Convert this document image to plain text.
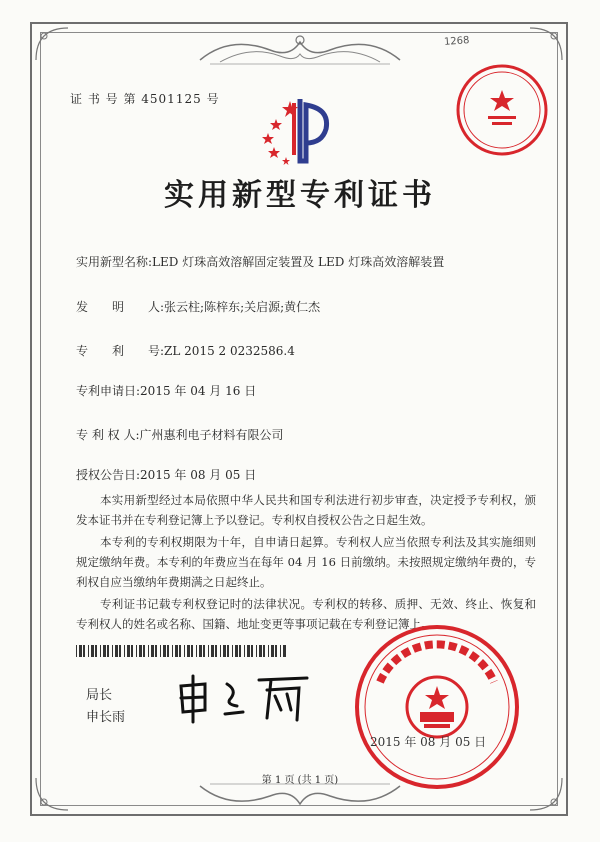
1268
证 书 号 第 4501125 号
实用新型专利证书
实用新型名称:LED 灯珠高效溶解固定装置及 LED 灯珠高效溶解装置
发　　明　　人:张云柱;陈梓东;关启源;黄仁杰
专　　利　　号:ZL 2015 2 0232586.4
专利申请日:2015 年 04 月 16 日
专 利 权 人:广州惠利电子材料有限公司
授权公告日:2015 年 08 月 05 日
本实用新型经过本局依照中华人民共和国专利法进行初步审查，决定授予专利权，颁发本证书并在专利登记簿上予以登记。专利权自授权公告之日起生效。
本专利的专利权期限为十年，自申请日起算。专利权人应当依照专利法及其实施细则规定缴纳年费。本专利的年费应当在每年 04 月 16 日前缴纳。未按照规定缴纳年费的，专利权自应当缴纳年费期满之日起终止。
专利证书记载专利权登记时的法律状况。专利权的转移、质押、无效、终止、恢复和专利权人的姓名或名称、国籍、地址变更等事项记载在专利登记簿上。
局长
申长雨
2015 年 08 月 05 日
第 1 页 (共 1 页)
